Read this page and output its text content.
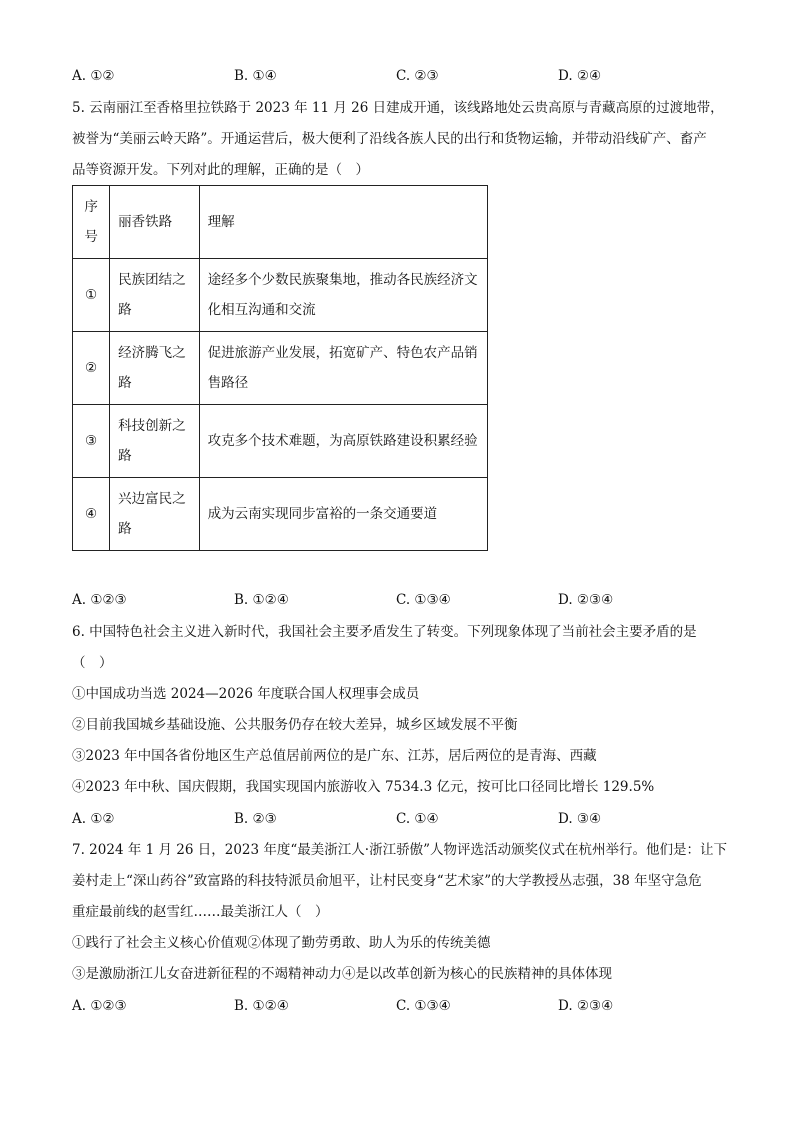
A. ①②	B. ①④	C. ②③	D. ②④
5. 云南丽江至香格里拉铁路于 2023 年 11 月 26 日建成开通，该线路地处云贵高原与青藏高原的过渡地带，
被誉为“美丽云岭天路”。开通运营后，极大便利了沿线各族人民的出行和货物运输，并带动沿线矿产、畜产
品等资源开发。下列对此的理解，正确的是（　）
序号	丽香铁路	理解
①	民族团结之路	途经多个少数民族聚集地，推动各民族经济文化相互沟通和交流
②	经济腾飞之路	促进旅游产业发展，拓宽矿产、特色农产品销售路径
③	科技创新之路	攻克多个技术难题，为高原铁路建设积累经验
④	兴边富民之路	成为云南实现同步富裕的一条交通要道
A. ①②③	B. ①②④	C. ①③④	D. ②③④
6. 中国特色社会主义进入新时代，我国社会主要矛盾发生了转变。下列现象体现了当前社会主要矛盾的是
（　）
①中国成功当选 2024—2026 年度联合国人权理事会成员
②目前我国城乡基础设施、公共服务仍存在较大差异，城乡区域发展不平衡
③2023 年中国各省份地区生产总值居前两位的是广东、江苏，居后两位的是青海、西藏
④2023 年中秋、国庆假期，我国实现国内旅游收入 7534.3 亿元，按可比口径同比增长 129.5%
A. ①②	B. ②③	C. ①④	D. ③④
7. 2024 年 1 月 26 日，2023 年度“最美浙江人·浙江骄傲”人物评选活动颁奖仪式在杭州举行。他们是：让下
姜村走上“深山药谷”致富路的科技特派员俞旭平，让村民变身“艺术家”的大学教授丛志强，38 年坚守急危
重症最前线的赵雪红……最美浙江人（　）
①践行了社会主义核心价值观②体现了勤劳勇敢、助人为乐的传统美德
③是激励浙江儿女奋进新征程的不竭精神动力④是以改革创新为核心的民族精神的具体体现
A. ①②③	B. ①②④	C. ①③④	D. ②③④
